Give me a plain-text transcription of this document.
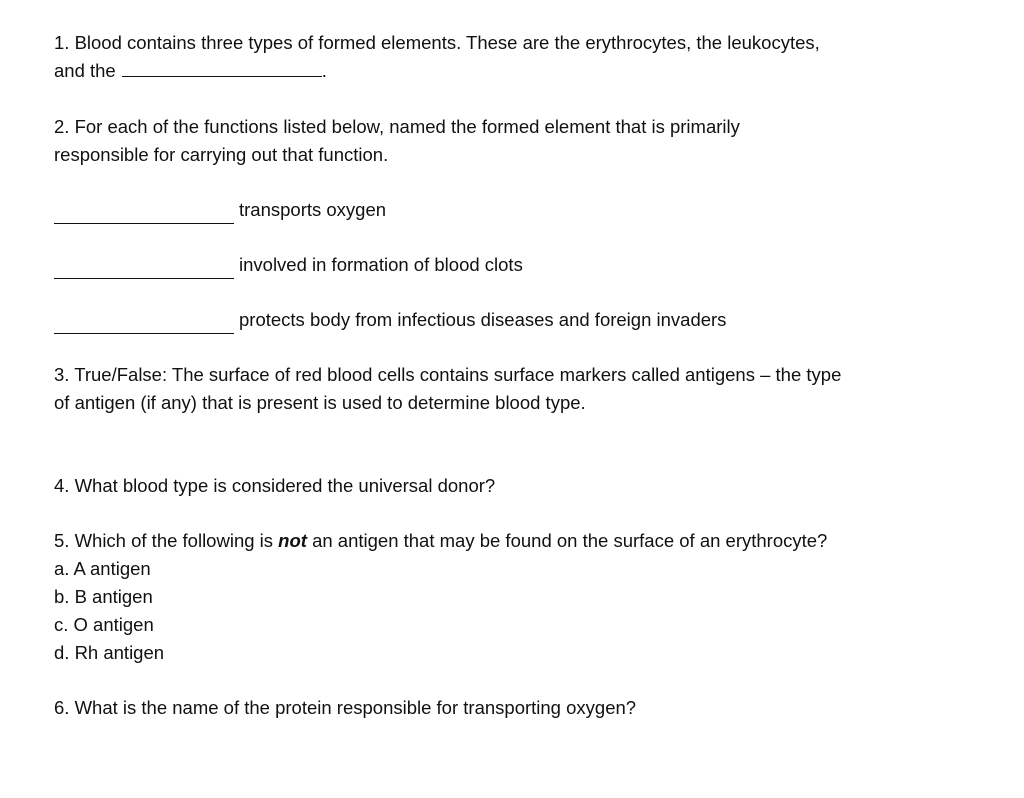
1. Blood contains three types of formed elements. These are the erythrocytes, the leukocytes,
and the	.
2. For each of the functions listed below, named the formed element that is primarily
responsible for carrying out that function.
transports oxygen
involved in formation of blood clots
protects body from infectious diseases and foreign invaders
3. True/False: The surface of red blood cells contains surface markers called antigens – the type
of antigen (if any) that is present is used to determine blood type.
4. What blood type is considered the universal donor?
5. Which of the following is not an antigen that may be found on the surface of an erythrocyte?
a. A antigen
b. B antigen
c. O antigen
d. Rh antigen
6. What is the name of the protein responsible for transporting oxygen?
